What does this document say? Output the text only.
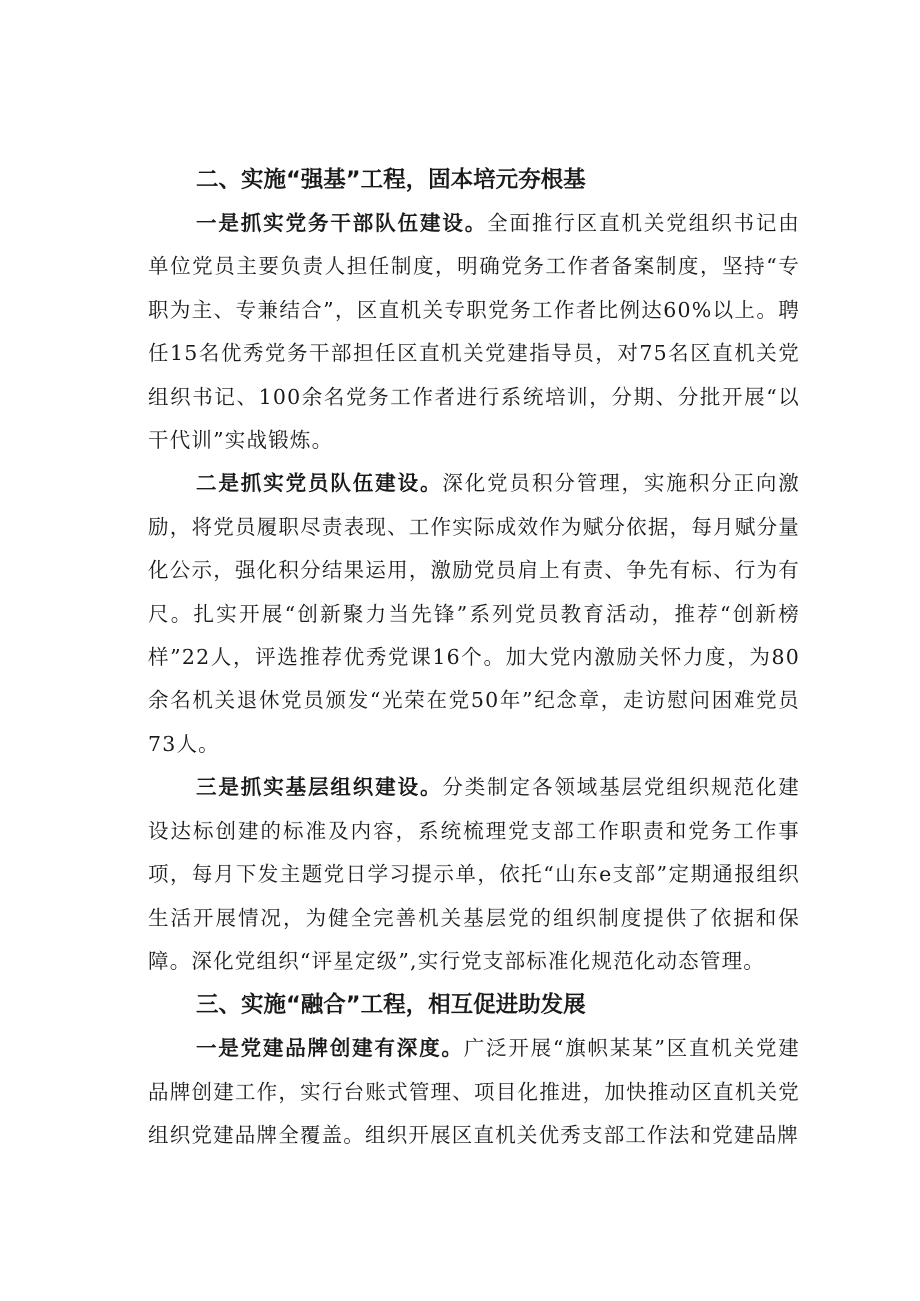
二、实施“强基”工程，固本培元夯根基

一是抓实党务干部队伍建设。全面推行区直机关党组织书记由单位党员主要负责人担任制度，明确党务工作者备案制度，坚持“专职为主、专兼结合”，区直机关专职党务工作者比例达60%以上。聘任15名优秀党务干部担任区直机关党建指导员，对75名区直机关党组织书记、100余名党务工作者进行系统培训，分期、分批开展“以干代训”实战锻炼。

二是抓实党员队伍建设。深化党员积分管理，实施积分正向激励，将党员履职尽责表现、工作实际成效作为赋分依据，每月赋分量化公示，强化积分结果运用，激励党员肩上有责、争先有标、行为有尺。扎实开展“创新聚力当先锋”系列党员教育活动，推荐“创新榜样”22人，评选推荐优秀党课16个。加大党内激励关怀力度，为80余名机关退休党员颁发“光荣在党50年”纪念章，走访慰问困难党员73人。

三是抓实基层组织建设。分类制定各领域基层党组织规范化建设达标创建的标准及内容，系统梳理党支部工作职责和党务工作事项，每月下发主题党日学习提示单，依托“山东e支部”定期通报组织生活开展情况，为健全完善机关基层党的组织制度提供了依据和保障。深化党组织“评星定级”,实行党支部标准化规范化动态管理。

三、实施“融合”工程，相互促进助发展

一是党建品牌创建有深度。广泛开展“旗帜某某”区直机关党建品牌创建工作，实行台账式管理、项目化推进，加快推动区直机关党组织党建品牌全覆盖。组织开展区直机关优秀支部工作法和党建品牌
